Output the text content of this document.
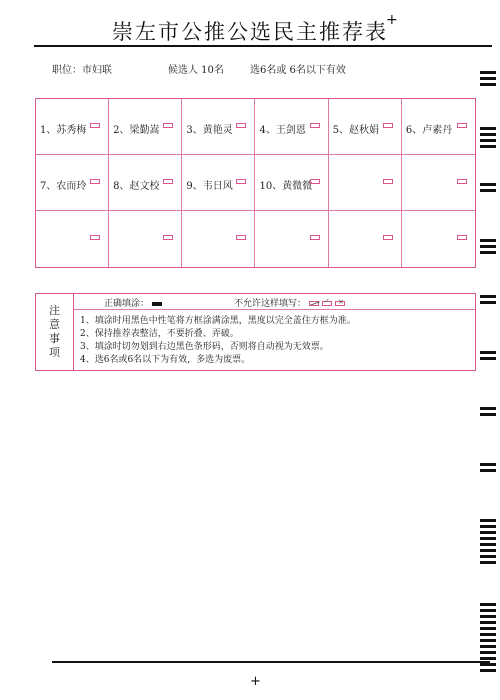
崇左市公推公选民主推荐表
+
职位：市妇联	候选人 10名	选6名或 6名以下有效
1、苏秀梅	2、梁勤嵩	3、黄艳灵	4、王剑恩	5、赵秋娟	6、卢素丹
7、农而玲	8、赵文校	9、韦日风	10、黄微微
注
意
事
项
正确填涂：	不允许这样填写：✓×
1、填涂时用黑色中性笔将方框涂满涂黑，黑度以完全盖住方框为准。
2、保持推荐表整洁，不要折叠、弄破。
3、填涂时切勿划到右边黑色条形码，否则将自动视为无效票。
4、选6名或6名以下为有效，多选为废票。
+
